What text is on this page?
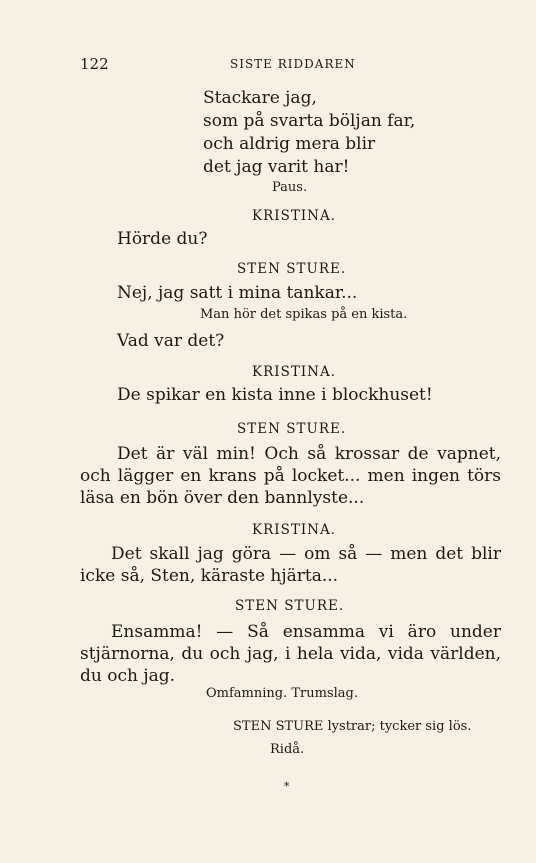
122	SISTE RIDDAREN
Stackare jag,
som på svarta böljan far,
och aldrig mera blir
det jag varit har!
Paus.
KRISTINA.
Hörde du?
STEN STURE.
Nej, jag satt i mina tankar...
Man hör det spikas på en kista.
Vad var det?
KRISTINA.
De spikar en kista inne i blockhuset!
STEN STURE.
Det är väl min! Och så krossar de vapnet, och lägger en krans på locket... men ingen törs läsa en bön över den bannlyste...
KRISTINA.
Det skall jag göra — om så — men det blir icke så, Sten, käraste hjärta...
STEN STURE.
Ensamma! — Så ensamma vi äro under stjärnorna, du och jag, i hela vida, vida världen, du och jag.
Omfamning. Trumslag.
STEN STURE lystrar; tycker sig lös.
Ridå.
*
